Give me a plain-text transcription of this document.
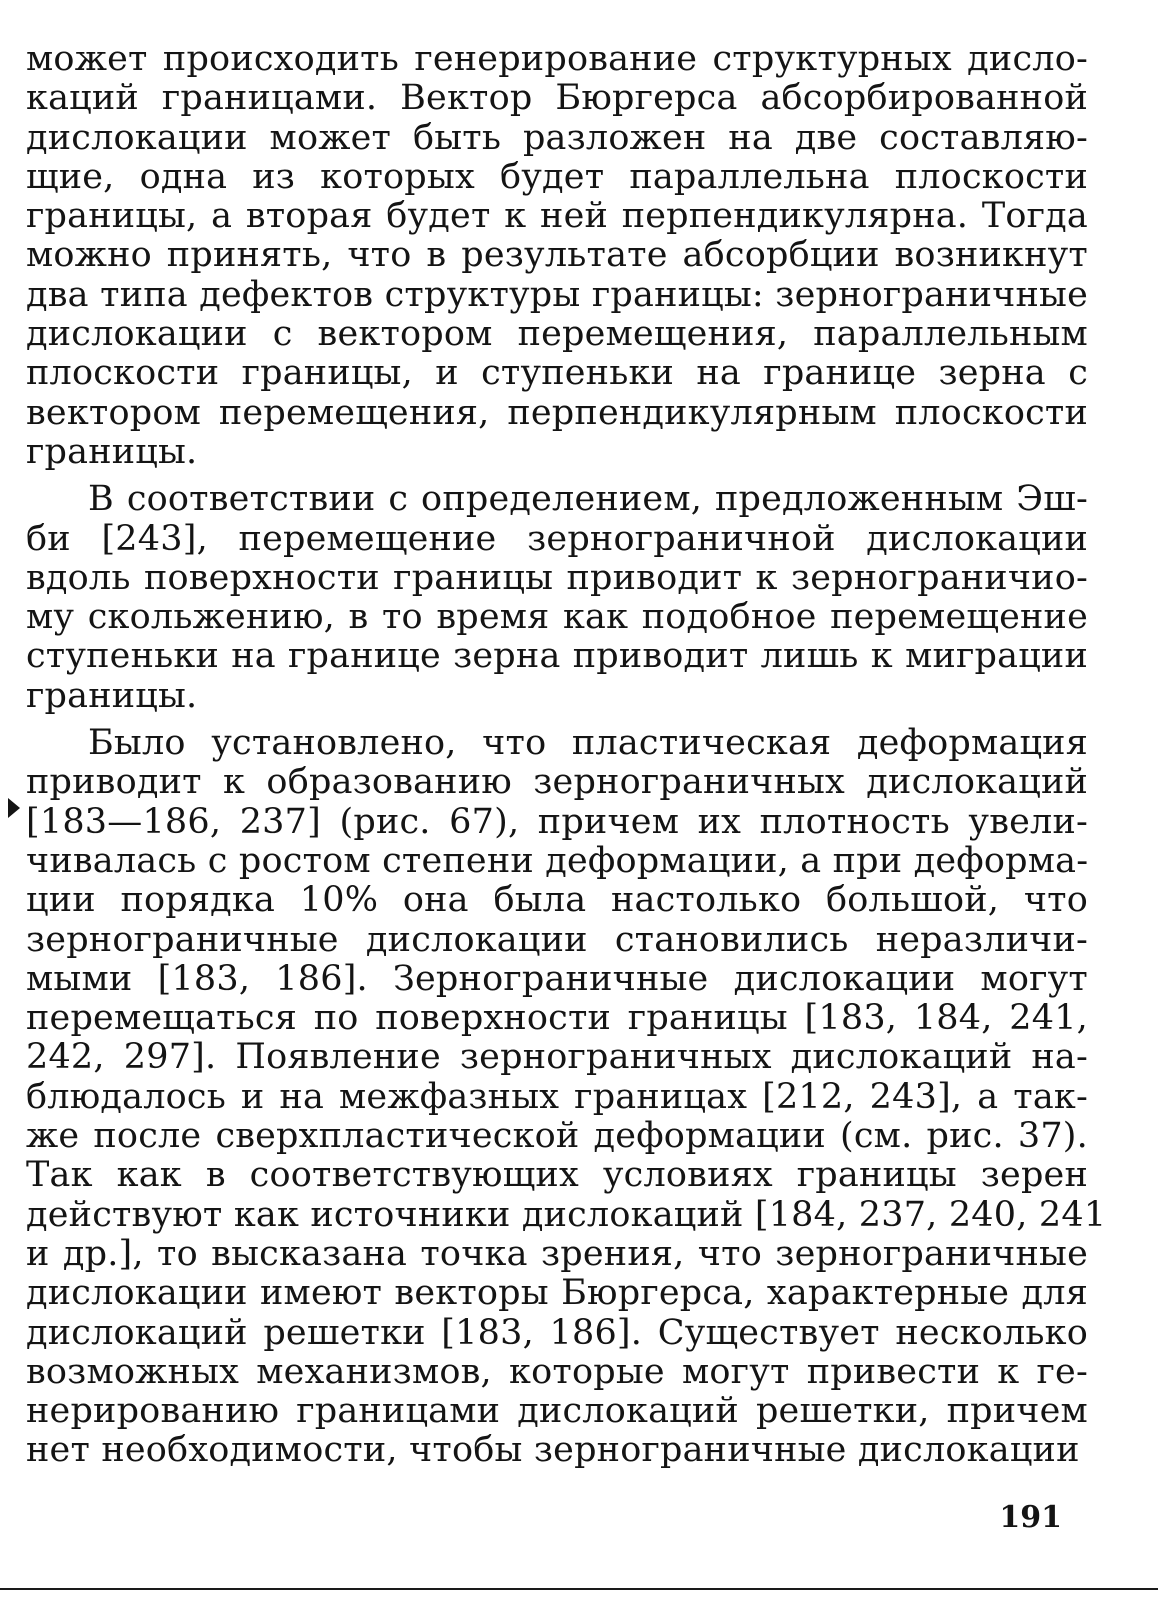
может происходить генерирование структурных дисло-
каций границами. Вектор Бюргерса абсорбированной
дислокации может быть разложен на две составляю-
щие, одна из которых будет параллельна плоскости
границы, а вторая будет к ней перпендикулярна. Тогда
можно принять, что в результате абсорбции возникнут
два типа дефектов структуры границы: зернограничные
дислокации с вектором перемещения, параллельным
плоскости границы, и ступеньки на границе зерна с
вектором перемещения, перпендикулярным плоскости
границы.
В соответствии с определением, предложенным Эш-
би [243], перемещение зернограничной дислокации
вдоль поверхности границы приводит к зернограничио-
му скольжению, в то время как подобное перемещение
ступеньки на границе зерна приводит лишь к миграции
границы.
Было установлено, что пластическая деформация
приводит к образованию зернограничных дислокаций
[183—186, 237] (рис. 67), причем их плотность увели-
чивалась с ростом степени деформации, а при деформа-
ции порядка 10% она была настолько большой, что
зернограничные дислокации становились неразличи-
мыми [183, 186]. Зернограничные дислокации могут
перемещаться по поверхности границы [183, 184, 241,
242, 297]. Появление зернограничных дислокаций на-
блюдалось и на межфазных границах [212, 243], а так-
же после сверхпластической деформации (см. рис. 37).
Так как в соответствующих условиях границы зерен
действуют как источники дислокаций [184, 237, 240, 241
и др.], то высказана точка зрения, что зернограничные
дислокации имеют векторы Бюргерса, характерные для
дислокаций решетки [183, 186]. Существует несколько
возможных механизмов, которые могут привести к ге-
нерированию границами дислокаций решетки, причем
нет необходимости, чтобы зернограничные дислокации
191
